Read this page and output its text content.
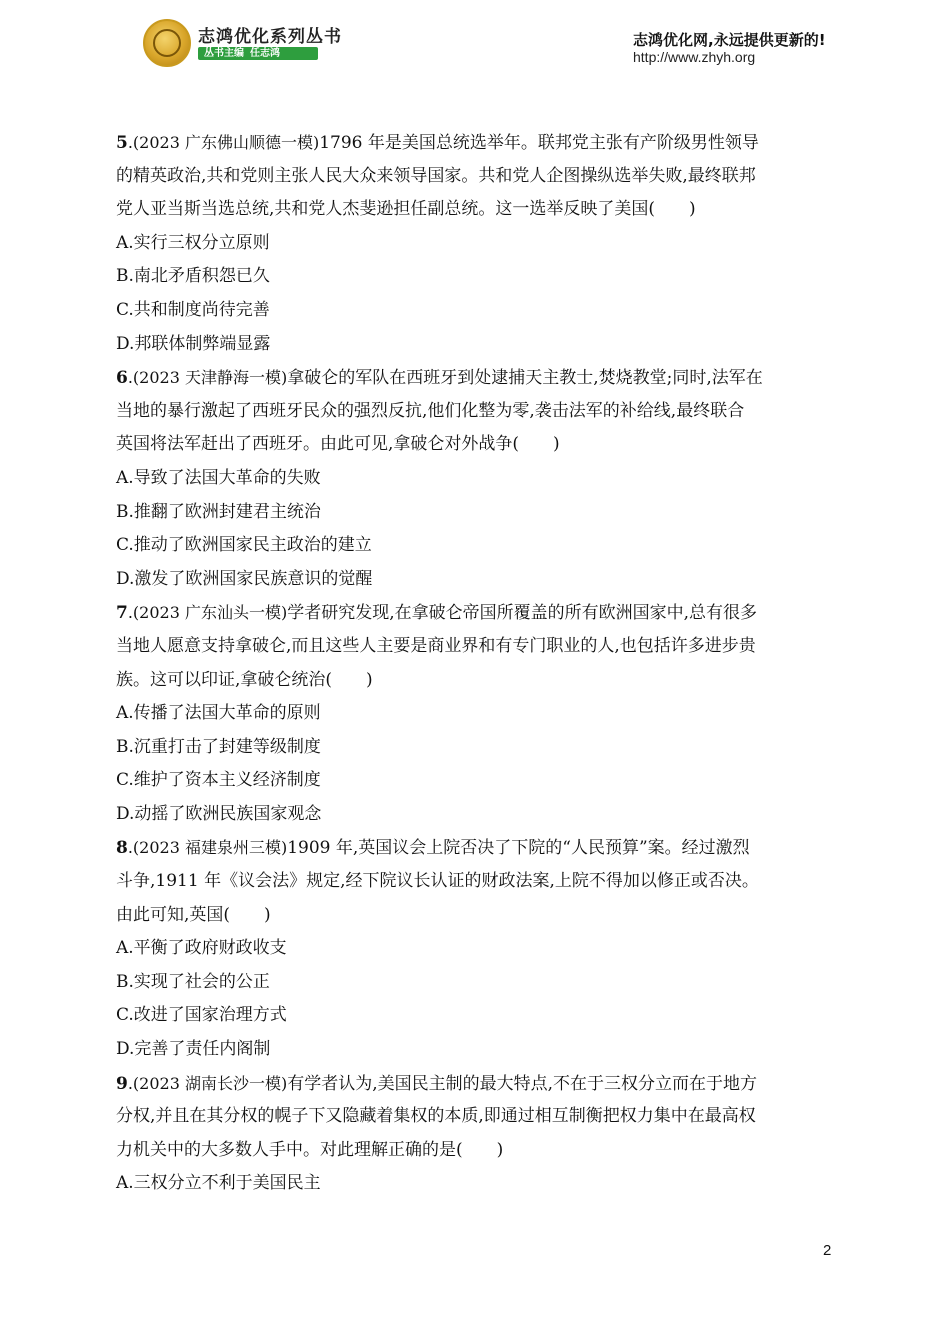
志鸿优化系列丛书
丛书主编 任志鸿
志鸿优化网,永远提供更新的!
http://www.zhyh.org
5.(2023 广东佛山顺德一模)1796 年是美国总统选举年。联邦党主张有产阶级男性领导
的精英政治,共和党则主张人民大众来领导国家。共和党人企图操纵选举失败,最终联邦
党人亚当斯当选总统,共和党人杰斐逊担任副总统。这一选举反映了美国(　　)
A.实行三权分立原则
B.南北矛盾积怨已久
C.共和制度尚待完善
D.邦联体制弊端显露
6.(2023 天津静海一模)拿破仑的军队在西班牙到处逮捕天主教士,焚烧教堂;同时,法军在
当地的暴行激起了西班牙民众的强烈反抗,他们化整为零,袭击法军的补给线,最终联合
英国将法军赶出了西班牙。由此可见,拿破仑对外战争(　　)
A.导致了法国大革命的失败
B.推翻了欧洲封建君主统治
C.推动了欧洲国家民主政治的建立
D.激发了欧洲国家民族意识的觉醒
7.(2023 广东汕头一模)学者研究发现,在拿破仑帝国所覆盖的所有欧洲国家中,总有很多
当地人愿意支持拿破仑,而且这些人主要是商业界和有专门职业的人,也包括许多进步贵
族。这可以印证,拿破仑统治(　　)
A.传播了法国大革命的原则
B.沉重打击了封建等级制度
C.维护了资本主义经济制度
D.动摇了欧洲民族国家观念
8.(2023 福建泉州三模)1909 年,英国议会上院否决了下院的“人民预算”案。经过激烈
斗争,1911 年《议会法》规定,经下院议长认证的财政法案,上院不得加以修正或否决。
由此可知,英国(　　)
A.平衡了政府财政收支
B.实现了社会的公正
C.改进了国家治理方式
D.完善了责任内阁制
9.(2023 湖南长沙一模)有学者认为,美国民主制的最大特点,不在于三权分立而在于地方
分权,并且在其分权的幌子下又隐藏着集权的本质,即通过相互制衡把权力集中在最高权
力机关中的大多数人手中。对此理解正确的是(　　)
A.三权分立不利于美国民主
2
